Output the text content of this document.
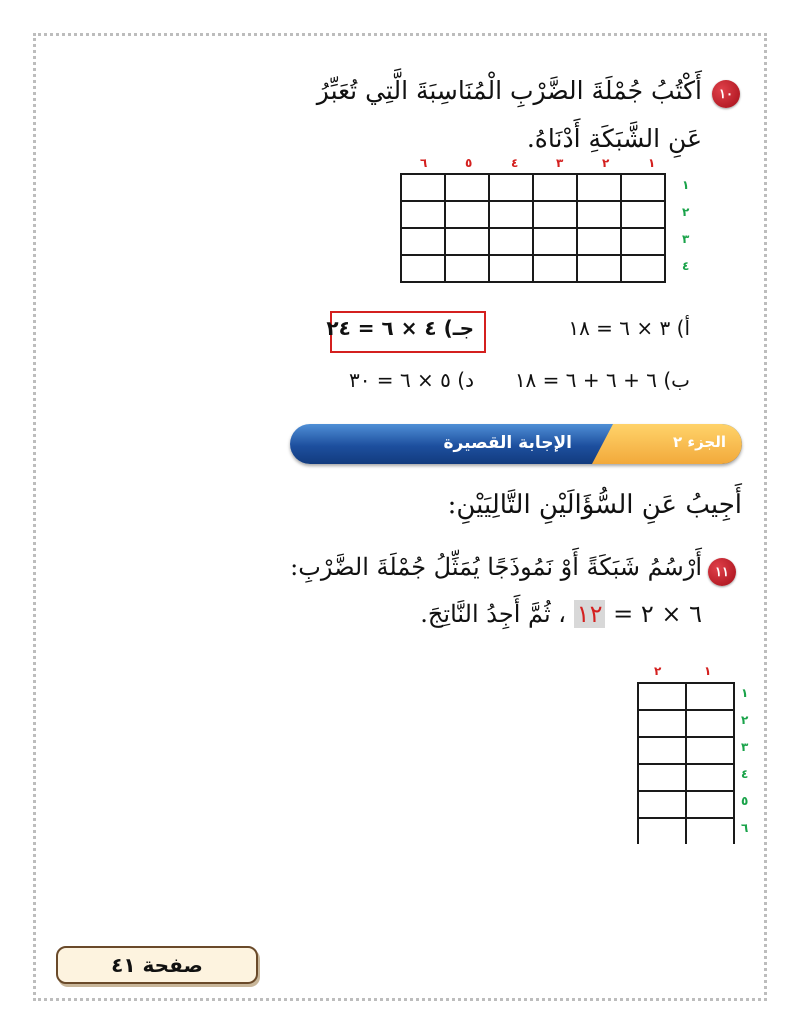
١٠
أَكْتُبُ جُمْلَةَ الضَّرْبِ الْمُنَاسِبَةَ الَّتِي تُعَبِّرُ
عَنِ الشَّبَكَةِ أَدْنَاهُ.
١
٢
٣
٤
٥
٦

١
٢
٣
٤
أ) ٣ × ٦ = ١٨
جـ) ٤ × ٦ = ٢٤
ب) ٦ + ٦ + ٦ = ١٨
د) ٥ × ٦ = ٣٠
الجزء ٢
الإجابة القصيرة
أَجِيبُ عَنِ السُّؤَالَيْنِ التَّالِيَيْنِ:
١١
أَرْسُمُ شَبَكَةً أَوْ نَمُوذَجًا يُمَثِّلُ جُمْلَةَ الضَّرْبِ:
٦ × ٢ = ١٢ ، ثُمَّ أَجِدُ النَّاتِجَ.
١
٢

١
٢
٣
٤
٥
٦
صفحة ٤١
